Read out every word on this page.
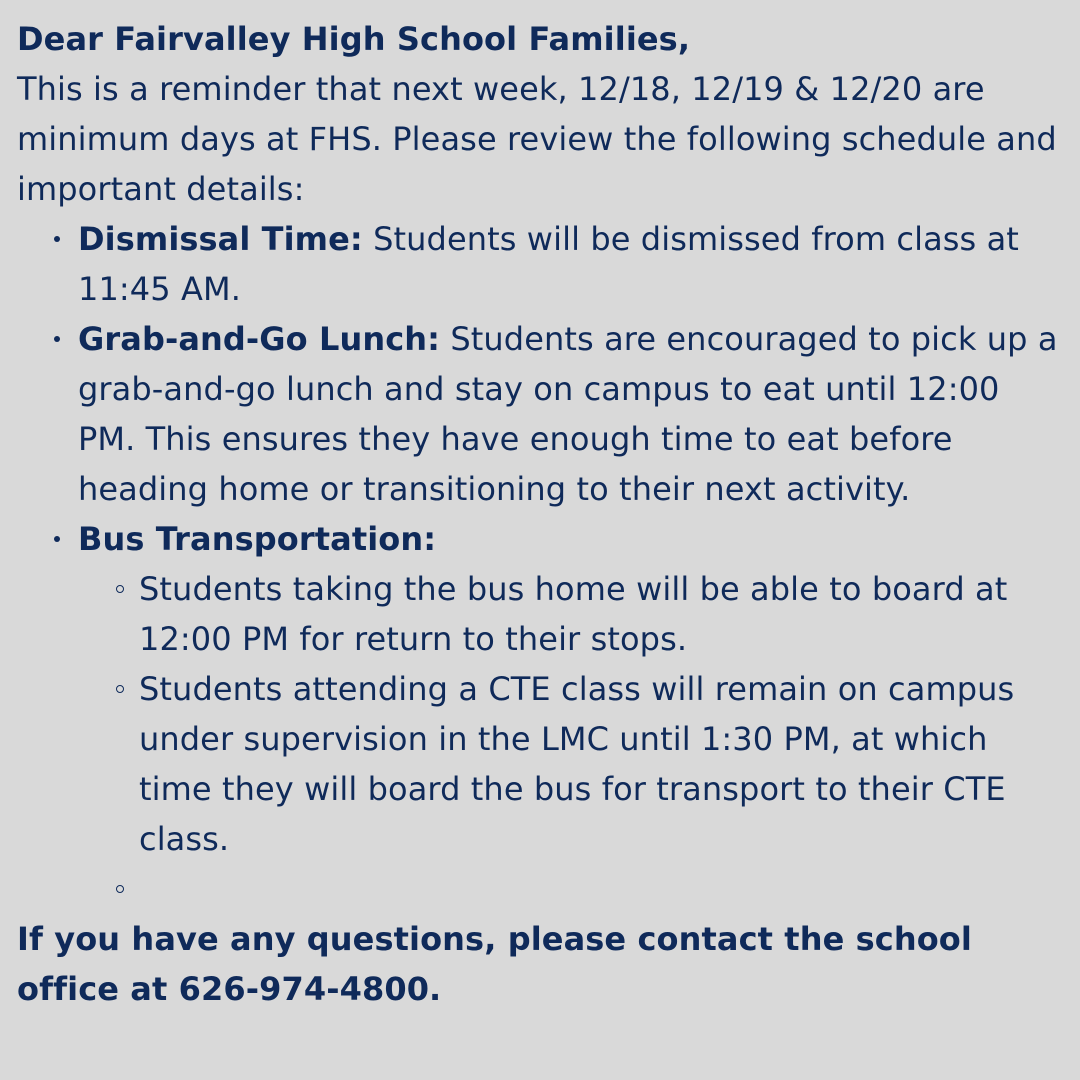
Dear Fairvalley High School Families,

This is a reminder that next week, 12/18, 12/19 & 12/20 are minimum days at FHS. Please review the following schedule and important details:

Dismissal Time: Students will be dismissed from class at 11:45 AM.
Grab-and-Go Lunch: Students are encouraged to pick up a grab-and-go lunch and stay on campus to eat until 12:00 PM. This ensures they have enough time to eat before heading home or transitioning to their next activity.
Bus Transportation:
Students taking the bus home will be able to board at 12:00 PM for return to their stops.
Students attending a CTE class will remain on campus under supervision in the LMC until 1:30 PM, at which time they will board the bus for transport to their CTE class.

If you have any questions, please contact the school office at 626-974-4800.
